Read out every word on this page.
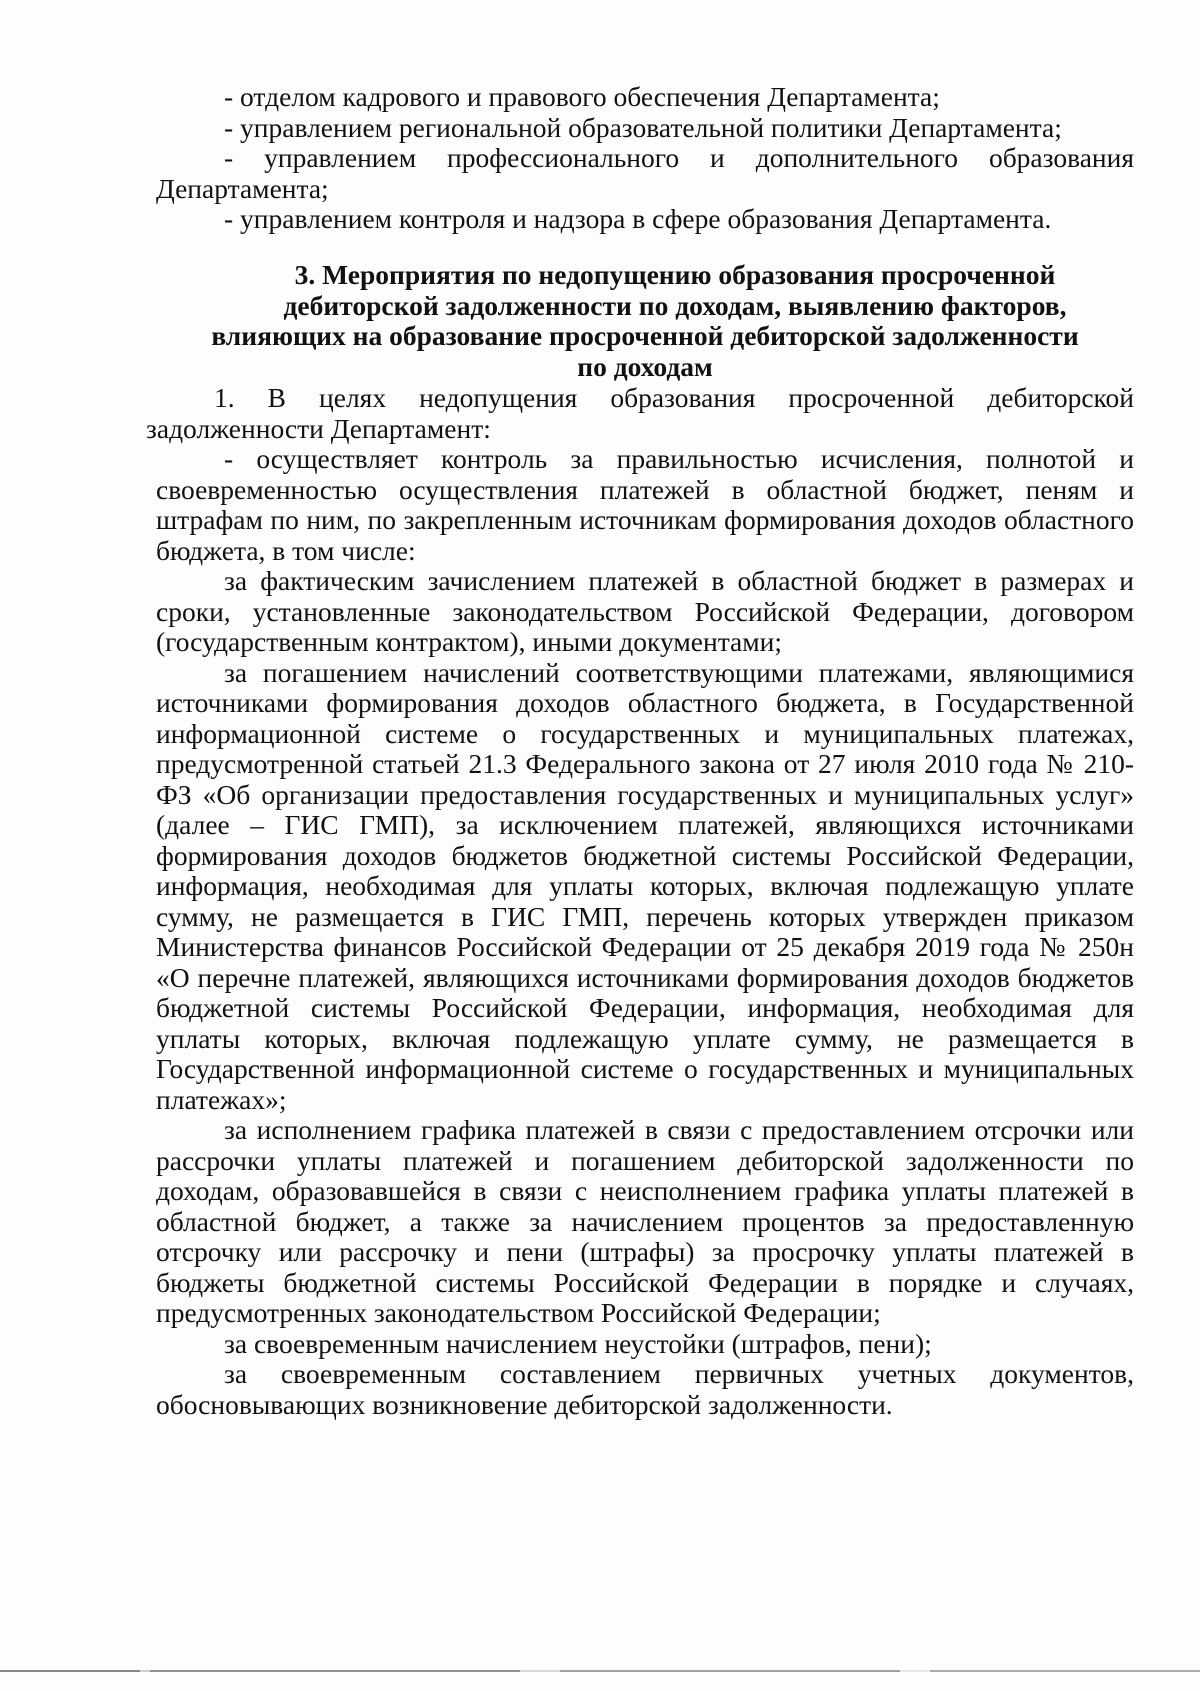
- отделом кадрового и правового обеспечения Департамента;

- управлением региональной образовательной политики Департамента;

- управлением профессионального и дополнительного образования Департамента;

- управлением контроля и надзора в сфере образования Департамента.

3. Мероприятия по недопущению образования просроченной

дебиторской задолженности по доходам, выявлению факторов,

влияющих на образование просроченной дебиторской задолженности

по доходам

1. В целях недопущения образования просроченной дебиторской задолженности Департамент:

- осуществляет контроль за правильностью исчисления, полнотой и своевременностью осуществления платежей в областной бюджет, пеням и штрафам по ним, по закрепленным источникам формирования доходов областного бюджета, в том числе:

за фактическим зачислением платежей в областной бюджет в размерах и сроки, установленные законодательством Российской Федерации, договором (государственным контрактом), иными документами;

за погашением начислений соответствующими платежами, являющимися источниками формирования доходов областного бюджета, в Государственной информационной системе о государственных и муниципальных платежах, предусмотренной статьей 21.3 Федерального закона от 27 июля 2010 года № 210-ФЗ «Об организации предоставления государственных и муниципальных услуг» (далее – ГИС ГМП), за исключением платежей, являющихся источниками формирования доходов бюджетов бюджетной системы Российской Федерации, информация, необходимая для уплаты которых, включая подлежащую уплате сумму, не размещается в ГИС ГМП, перечень которых утвержден приказом Министерства финансов Российской Федерации от 25 декабря 2019 года № 250н «О перечне платежей, являющихся источниками формирования доходов бюджетов бюджетной системы Российской Федерации, информация, необходимая для уплаты которых, включая подлежащую уплате сумму, не размещается в Государственной информационной системе о государственных и муниципальных платежах»;

за исполнением графика платежей в связи с предоставлением отсрочки или рассрочки уплаты платежей и погашением дебиторской задолженности по доходам, образовавшейся в связи с неисполнением графика уплаты платежей в областной бюджет, а также за начислением процентов за предоставленную отсрочку или рассрочку и пени (штрафы) за просрочку уплаты платежей в бюджеты бюджетной системы Российской Федерации в порядке и случаях, предусмотренных законодательством Российской Федерации;

за своевременным начислением неустойки (штрафов, пени);

за своевременным составлением первичных учетных документов, обосновывающих возникновение дебиторской задолженности.
